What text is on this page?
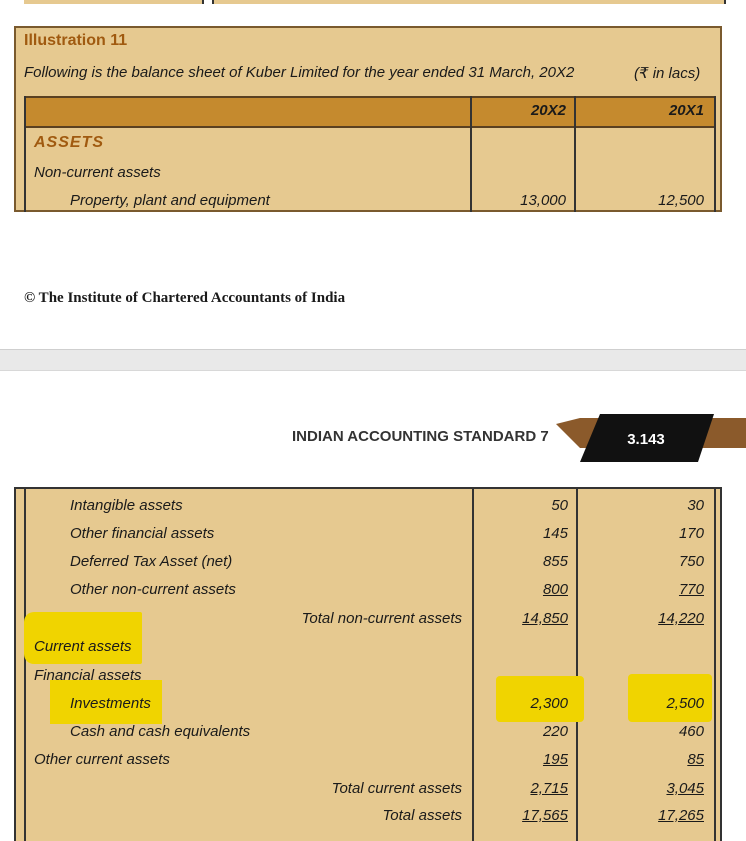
Illustration 11
Following is the balance sheet of Kuber Limited for the year ended 31 March, 20X2	(₹ in lacs)
20X2	20X1
ASSETS
Non-current assets
Property, plant and equipment	13,000	12,500
© The Institute of Chartered Accountants of India
INDIAN ACCOUNTING STANDARD 7	3.143
Intangible assets	50	30
Other financial assets	145	170
Deferred Tax Asset (net)	855	750
Other non-current assets	800	770
Total non-current assets	14,850	14,220
Current assets
Financial assets
Investments	2,300	2,500
Cash and cash equivalents	220	460
Other current assets	195	85
Total current assets	2,715	3,045
Total assets	17,565	17,265
